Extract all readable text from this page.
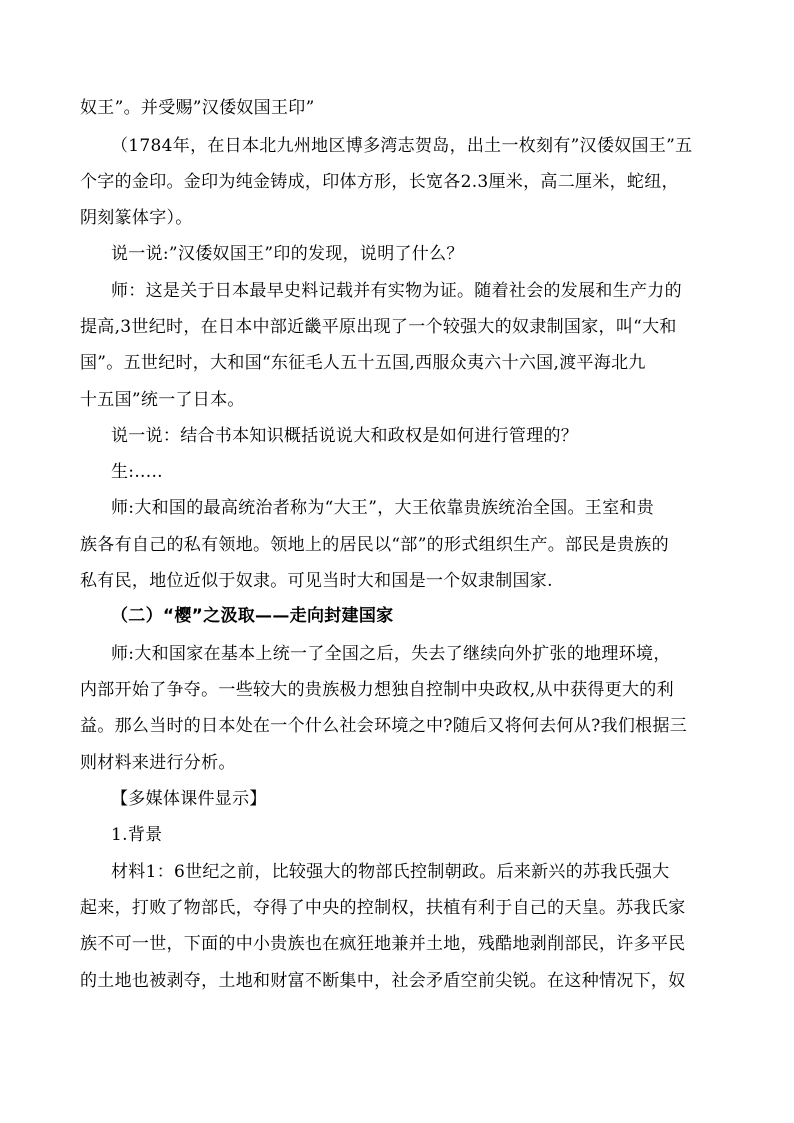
奴王”。并受赐”汉倭奴国王印”
（1784年，在日本北九州地区博多湾志贺岛，出土一枚刻有”汉倭奴国王”五
个字的金印。金印为纯金铸成，印体方形，长宽各2.3厘米，高二厘米，蛇纽，
阴刻篆体字）。
说一说:”汉倭奴国王”印的发现，说明了什么？
师：这是关于日本最早史料记载并有实物为证。随着社会的发展和生产力的
提高,3世纪时，在日本中部近畿平原出现了一个较强大的奴隶制国家，叫“大和
国”。五世纪时，大和国“东征毛人五十五国,西服众夷六十六国,渡平海北九
十五国”统一了日本。
说一说：结合书本知识概括说说大和政权是如何进行管理的？
生:.....
师:大和国的最高统治者称为“大王”，大王依靠贵族统治全国。王室和贵
族各有自己的私有领地。领地上的居民以“部”的形式组织生产。部民是贵族的
私有民，地位近似于奴隶。可见当时大和国是一个奴隶制国家.
（二）“樱”之汲取——走向封建国家
师:大和国家在基本上统一了全国之后，失去了继续向外扩张的地理环境，
内部开始了争夺。一些较大的贵族极力想独自控制中央政权,从中获得更大的利
益。那么当时的日本处在一个什么社会环境之中?随后又将何去何从?我们根据三
则材料来进行分析。
【多媒体课件显示】
1.背景
材料1：6世纪之前，比较强大的物部氏控制朝政。后来新兴的苏我氏强大
起来，打败了物部氏，夺得了中央的控制权，扶植有利于自己的天皇。苏我氏家
族不可一世，下面的中小贵族也在疯狂地兼并土地，残酷地剥削部民，许多平民
的土地也被剥夺，土地和财富不断集中，社会矛盾空前尖锐。在这种情况下，奴
